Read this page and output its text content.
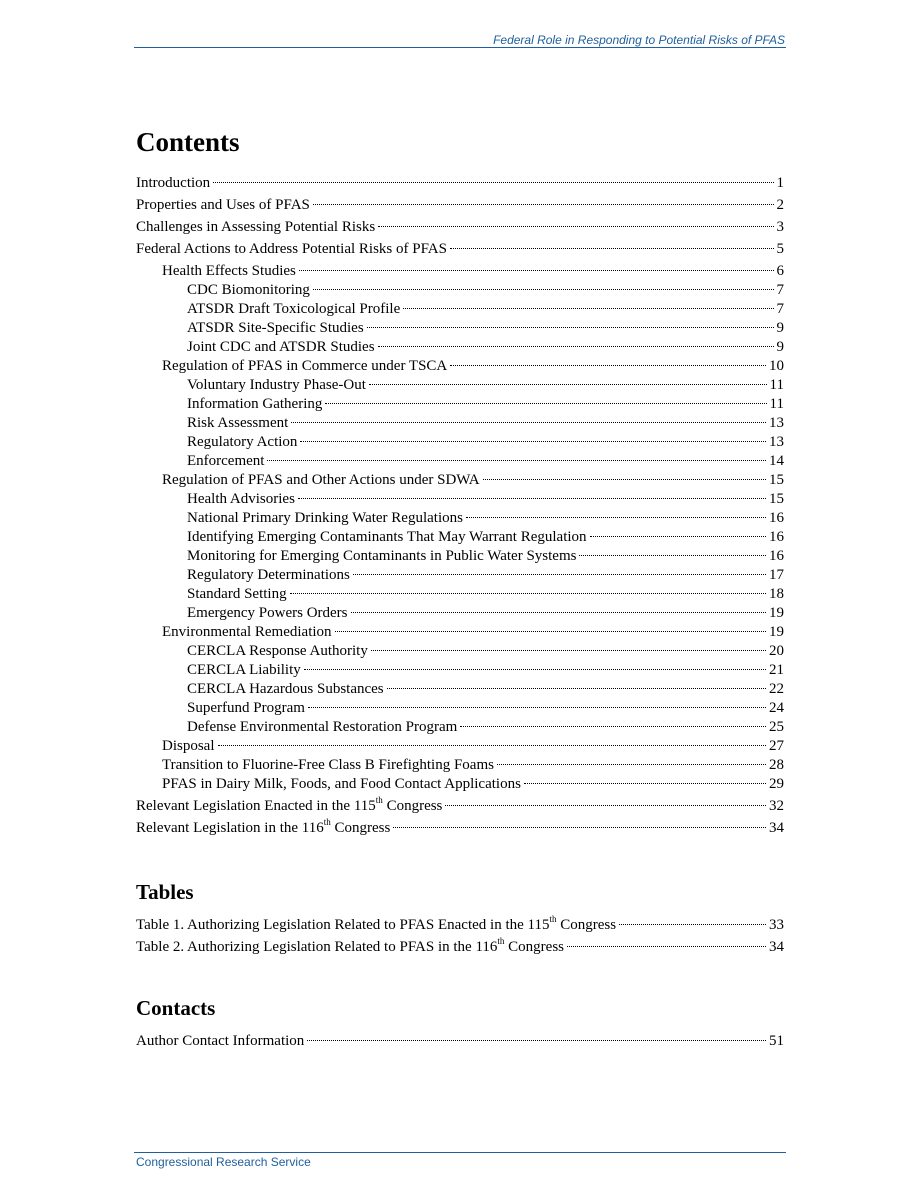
Federal Role in Responding to Potential Risks of PFAS
Contents
Introduction	1
Properties and Uses of PFAS	2
Challenges in Assessing Potential Risks	3
Federal Actions to Address Potential Risks of PFAS	5
Health Effects Studies	6
CDC Biomonitoring	7
ATSDR Draft Toxicological Profile	7
ATSDR Site-Specific Studies	9
Joint CDC and ATSDR Studies	9
Regulation of PFAS in Commerce under TSCA	10
Voluntary Industry Phase-Out	11
Information Gathering	11
Risk Assessment	13
Regulatory Action	13
Enforcement	14
Regulation of PFAS and Other Actions under SDWA	15
Health Advisories	15
National Primary Drinking Water Regulations	16
Identifying Emerging Contaminants That May Warrant Regulation	16
Monitoring for Emerging Contaminants in Public Water Systems	16
Regulatory Determinations	17
Standard Setting	18
Emergency Powers Orders	19
Environmental Remediation	19
CERCLA Response Authority	20
CERCLA Liability	21
CERCLA Hazardous Substances	22
Superfund Program	24
Defense Environmental Restoration Program	25
Disposal	27
Transition to Fluorine-Free Class B Firefighting Foams	28
PFAS in Dairy Milk, Foods, and Food Contact Applications	29
Relevant Legislation Enacted in the 115th Congress	32
Relevant Legislation in the 116th Congress	34
Tables
Table 1. Authorizing Legislation Related to PFAS Enacted in the 115th Congress	33
Table 2. Authorizing Legislation Related to PFAS in the 116th Congress	34
Contacts
Author Contact Information	51
Congressional Research Service
